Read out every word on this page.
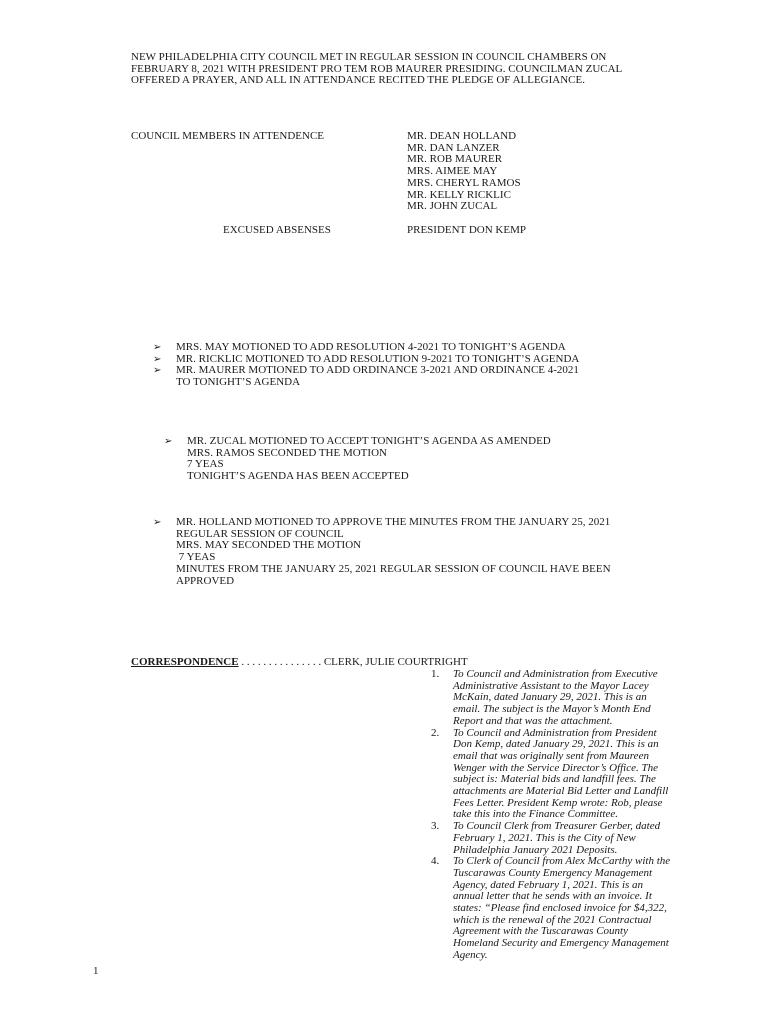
NEW PHILADELPHIA CITY COUNCIL MET IN REGULAR SESSION IN COUNCIL CHAMBERS ON
FEBRUARY 8, 2021 WITH PRESIDENT PRO TEM ROB MAURER PRESIDING. COUNCILMAN ZUCAL
OFFERED A PRAYER, AND ALL IN ATTENDANCE RECITED THE PLEDGE OF ALLEGIANCE.
COUNCIL MEMBERS IN ATTENDENCE	MR. DEAN HOLLAND
MR. DAN LANZER
MR. ROB MAURER
MRS. AIMEE MAY
MRS. CHERYL RAMOS
MR. KELLY RICKLIC
MR. JOHN ZUCAL
EXCUSED ABSENSES	PRESIDENT DON KEMP
➢ MRS. MAY MOTIONED TO ADD RESOLUTION 4-2021 TO TONIGHT’S AGENDA
➢ MR. RICKLIC MOTIONED TO ADD RESOLUTION 9-2021 TO TONIGHT’S AGENDA
➢ MR. MAURER MOTIONED TO ADD ORDINANCE 3-2021 AND ORDINANCE 4-2021
TO TONIGHT’S AGENDA
➢ MR. ZUCAL MOTIONED TO ACCEPT TONIGHT’S AGENDA AS AMENDED
MRS. RAMOS SECONDED THE MOTION
7 YEAS
TONIGHT’S AGENDA HAS BEEN ACCEPTED
➢ MR. HOLLAND MOTIONED TO APPROVE THE MINUTES FROM THE JANUARY 25, 2021
REGULAR SESSION OF COUNCIL
MRS. MAY SECONDED THE MOTION
7 YEAS
MINUTES FROM THE JANUARY 25, 2021 REGULAR SESSION OF COUNCIL HAVE BEEN
APPROVED
CORRESPONDENCE . . . . . . . . . . . . . . . CLERK, JULIE COURTRIGHT
1. To Council and Administration from Executive
Administrative Assistant to the Mayor Lacey
McKain, dated January 29, 2021. This is an
email. The subject is the Mayor’s Month End
Report and that was the attachment.
2. To Council and Administration from President
Don Kemp, dated January 29, 2021. This is an
email that was originally sent from Maureen
Wenger with the Service Director’s Office. The
subject is: Material bids and landfill fees. The
attachments are Material Bid Letter and Landfill
Fees Letter. President Kemp wrote: Rob, please
take this into the Finance Committee.
3. To Council Clerk from Treasurer Gerber, dated
February 1, 2021. This is the City of New
Philadelphia January 2021 Deposits.
4. To Clerk of Council from Alex McCarthy with the
Tuscarawas County Emergency Management
Agency, dated February 1, 2021. This is an
annual letter that he sends with an invoice. It
states: “Please find enclosed invoice for $4,322,
which is the renewal of the 2021 Contractual
Agreement with the Tuscarawas County
Homeland Security and Emergency Management
Agency.
1
